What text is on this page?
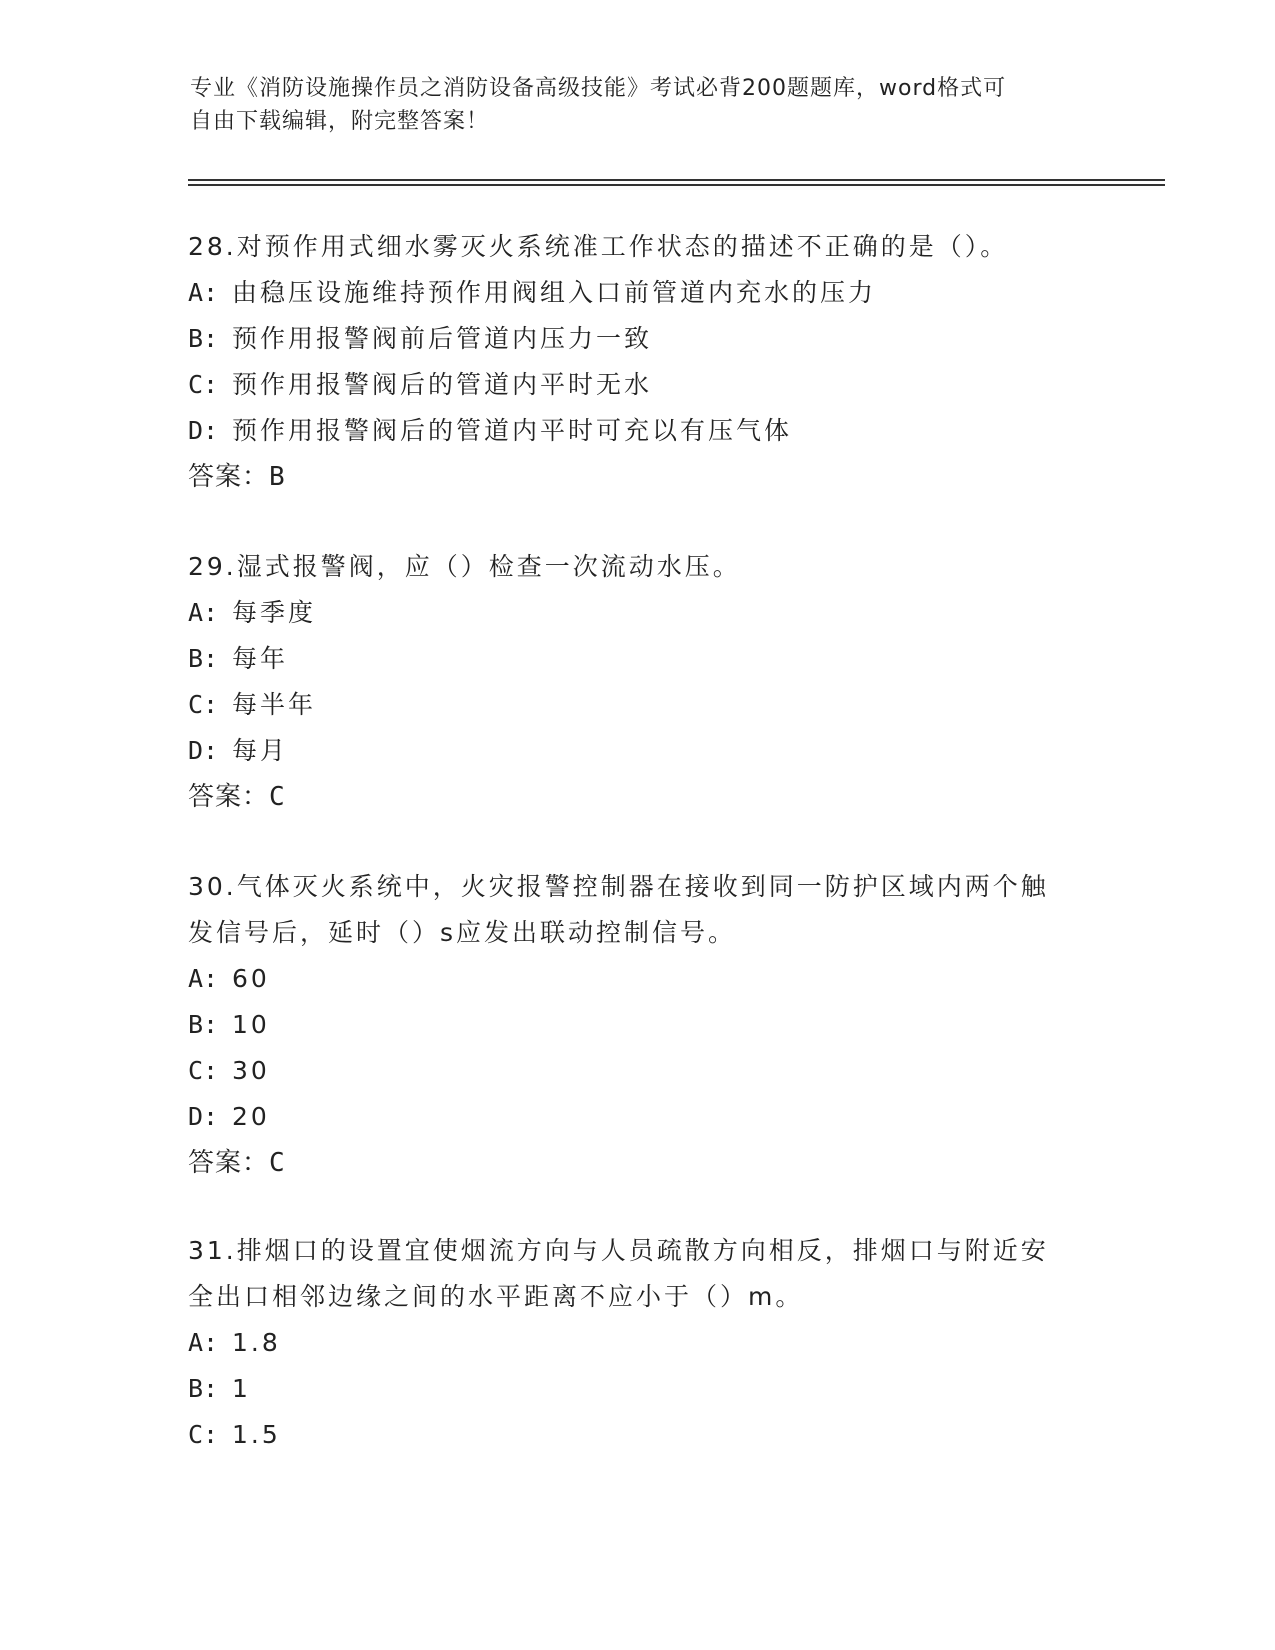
专业《消防设施操作员之消防设备高级技能》考试必背200题题库，word格式可
自由下载编辑，附完整答案！

28.对预作用式细水雾灭火系统准工作状态的描述不正确的是（）。

A: 由稳压设施维持预作用阀组入口前管道内充水的压力
B: 预作用报警阀前后管道内压力一致
C: 预作用报警阀后的管道内平时无水
D: 预作用报警阀后的管道内平时可充以有压气体
答案：B

29.湿式报警阀，应（）检查一次流动水压。

A: 每季度
B: 每年
C: 每半年
D: 每月
答案：C

30.气体灭火系统中，火灾报警控制器在接收到同一防护区域内两个触
发信号后，延时（）s应发出联动控制信号。

A: 60
B: 10
C: 30
D: 20
答案：C

31.排烟口的设置宜使烟流方向与人员疏散方向相反，排烟口与附近安
全出口相邻边缘之间的水平距离不应小于（）m。

A: 1.8
B: 1
C: 1.5
